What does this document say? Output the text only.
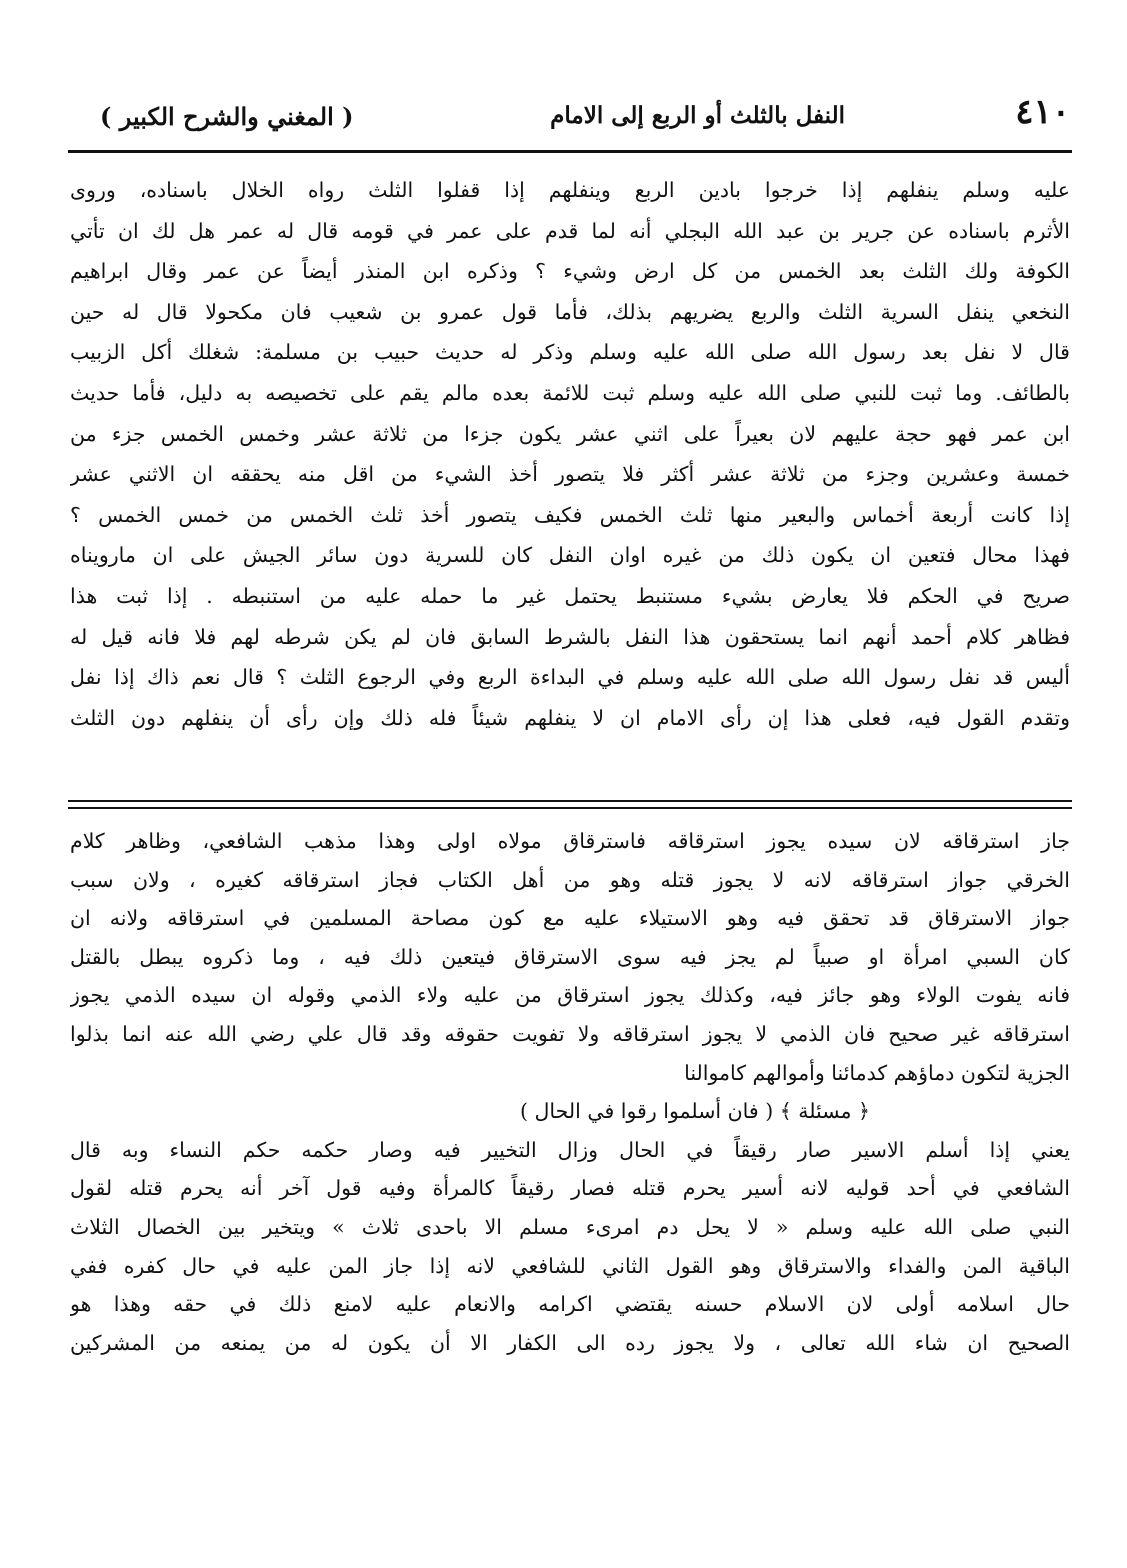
٤١٠
النفل بالثلث أو الربع إلى الامام
( المغني والشرح الكبير )
عليه وسلم ينفلهم إذا خرجوا بادين الربع وينفلهم إذا قفلوا الثلث رواه الخلال باسناده، وروى
الأثرم باسناده عن جرير بن عبد الله البجلي أنه لما قدم على عمر في قومه قال له عمر هل لك ان تأتي
الكوفة ولك الثلث بعد الخمس من كل ارض وشيء ؟ وذكره ابن المنذر أيضاً عن عمر وقال ابراهيم
النخعي ينفل السرية الثلث والربع يضريهم بذلك، فأما قول عمرو بن شعيب فان مكحولا قال له حين
قال لا نفل بعد رسول الله صلى الله عليه وسلم وذكر له حديث حبيب بن مسلمة: شغلك أكل الزبيب
بالطائف. وما ثبت للنبي صلى الله عليه وسلم ثبت للائمة بعده مالم يقم على تخصيصه به دليل، فأما حديث
ابن عمر فهو حجة عليهم لان بعيراً على اثني عشر يكون جزءا من ثلاثة عشر وخمس الخمس جزء من
خمسة وعشرين وجزء من ثلاثة عشر أكثر فلا يتصور أخذ الشيء من اقل منه يحققه ان الاثني عشر
إذا كانت أربعة أخماس والبعير منها ثلث الخمس فكيف يتصور أخذ ثلث الخمس من خمس الخمس ؟
فهذا محال فتعين ان يكون ذلك من غيره اوان النفل كان للسرية دون سائر الجيش على ان مارويناه
صريح في الحكم فلا يعارض بشيء مستنبط يحتمل غير ما حمله عليه من استنبطه . إذا ثبت هذا
فظاهر كلام أحمد أنهم انما يستحقون هذا النفل بالشرط السابق فان لم يكن شرطه لهم فلا فانه قيل له
أليس قد نفل رسول الله صلى الله عليه وسلم في البداءة الربع وفي الرجوع الثلث ؟ قال نعم ذاك إذا نفل
وتقدم القول فيه، فعلى هذا إن رأى الامام ان لا ينفلهم شيئاً فله ذلك وإن رأى أن ينفلهم دون الثلث
جاز استرقاقه لان سيده يجوز استرقاقه فاسترقاق مولاه اولى وهذا مذهب الشافعي، وظاهر كلام
الخرقي جواز استرقاقه لانه لا يجوز قتله وهو من أهل الكتاب فجاز استرقاقه كغيره ، ولان سبب
جواز الاسترقاق قد تحقق فيه وهو الاستيلاء عليه مع كون مصاحة المسلمين في استرقاقه ولانه ان
كان السبي امرأة او صبياً لم يجز فيه سوى الاسترقاق فيتعين ذلك فيه ، وما ذكروه يبطل بالقتل
فانه يفوت الولاء وهو جائز فيه، وكذلك يجوز استرقاق من عليه ولاء الذمي وقوله ان سيده الذمي يجوز
استرقاقه غير صحيح فان الذمي لا يجوز استرقاقه ولا تفويت حقوقه وقد قال علي رضي الله عنه انما بذلوا
الجزية لتكون دماؤهم كدمائنا وأموالهم كاموالنا
﴿ مسئلة ﴾ ( فان أسلموا رقوا في الحال )
يعني إذا أسلم الاسير صار رقيقاً في الحال وزال التخيير فيه وصار حكمه حكم النساء وبه قال
الشافعي في أحد قوليه لانه أسير يحرم قتله فصار رقيقاً كالمرأة وفيه قول آخر أنه يحرم قتله لقول
النبي صلى الله عليه وسلم « لا يحل دم امرىء مسلم الا باحدى ثلاث » ويتخير بين الخصال الثلاث
الباقية المن والفداء والاسترقاق وهو القول الثاني للشافعي لانه إذا جاز المن عليه في حال كفره ففي
حال اسلامه أولى لان الاسلام حسنه يقتضي اكرامه والانعام عليه لامنع ذلك في حقه وهذا هو
الصحيح ان شاء الله تعالى ، ولا يجوز رده الى الكفار الا أن يكون له من يمنعه من المشركين
